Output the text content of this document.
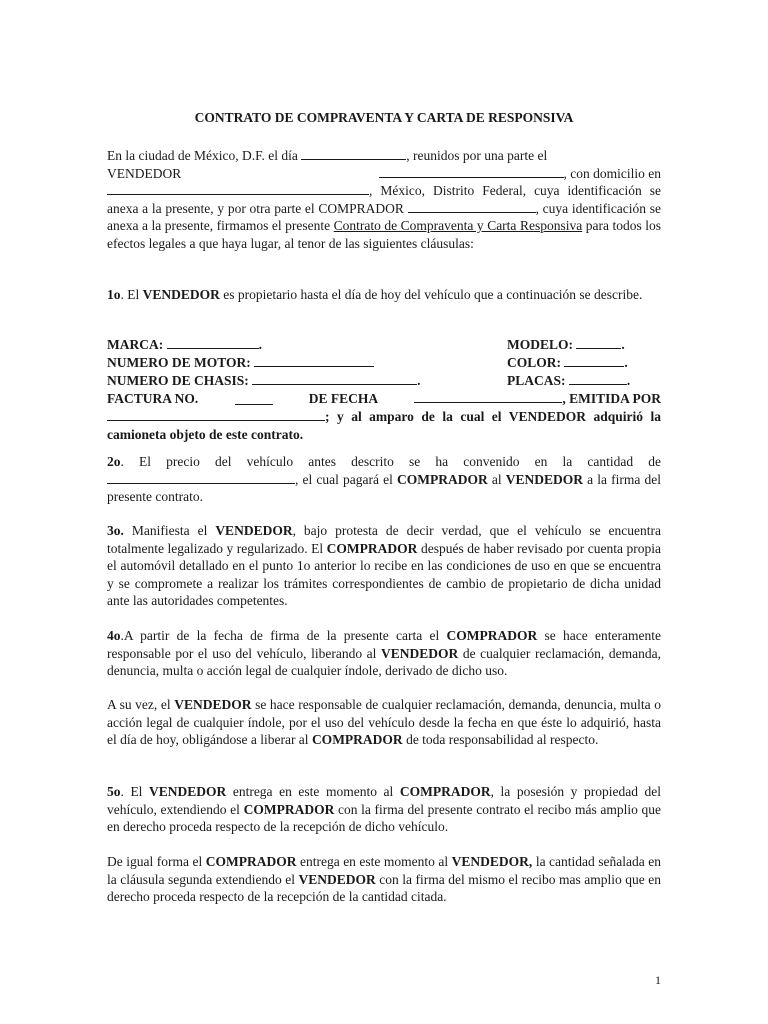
CONTRATO DE COMPRAVENTA Y CARTA DE RESPONSIVA
En la ciudad de México, D.F. el día	, reunidos por una parte el
VENDEDOR	, con domicilio en
, México, Distrito Federal, cuya identificación se anexa a la presente, y por otra parte el COMPRADOR	, cuya identificación se anexa a la presente, firmamos el presente Contrato de Compraventa y Carta Responsiva para todos los efectos legales a que haya lugar, al tenor de las siguientes cláusulas:
1o. El VENDEDOR es propietario hasta el día de hoy del vehículo que a continuación se describe.
MARCA:	.	MODELO:	.
NUMERO DE MOTOR:	COLOR:	.
NUMERO DE CHASIS:	.	PLACAS:	.
FACTURA NO.	DE FECHA	, EMITIDA POR
; y al amparo de la cual el VENDEDOR adquirió la camioneta objeto de este contrato.
2o. El precio del vehículo antes descrito se ha convenido en la cantidad de , el cual pagará el COMPRADOR al VENDEDOR a la firma del presente contrato.
3o. Manifiesta el VENDEDOR, bajo protesta de decir verdad, que el vehículo se encuentra totalmente legalizado y regularizado. El COMPRADOR después de haber revisado por cuenta propia el automóvil detallado en el punto 1o anterior lo recibe en las condiciones de uso en que se encuentra y se compromete a realizar los trámites correspondientes de cambio de propietario de dicha unidad ante las autoridades competentes.
4o.A partir de la fecha de firma de la presente carta el COMPRADOR se hace enteramente responsable por el uso del vehículo, liberando al VENDEDOR de cualquier reclamación, demanda, denuncia, multa o acción legal de cualquier índole, derivado de dicho uso.
A su vez, el VENDEDOR se hace responsable de cualquier reclamación, demanda, denuncia, multa o acción legal de cualquier índole, por el uso del vehículo desde la fecha en que éste lo adquirió, hasta el día de hoy, obligándose a liberar al COMPRADOR de toda responsabilidad al respecto.
5o. El VENDEDOR entrega en este momento al COMPRADOR, la posesión y propiedad del vehículo, extendiendo el COMPRADOR con la firma del presente contrato el recibo más amplio que en derecho proceda respecto de la recepción de dicho vehículo.
De igual forma el COMPRADOR entrega en este momento al VENDEDOR, la cantidad señalada en la cláusula segunda extendiendo el VENDEDOR con la firma del mismo el recibo mas amplio que en derecho proceda respecto de la recepción de la cantidad citada.
1
